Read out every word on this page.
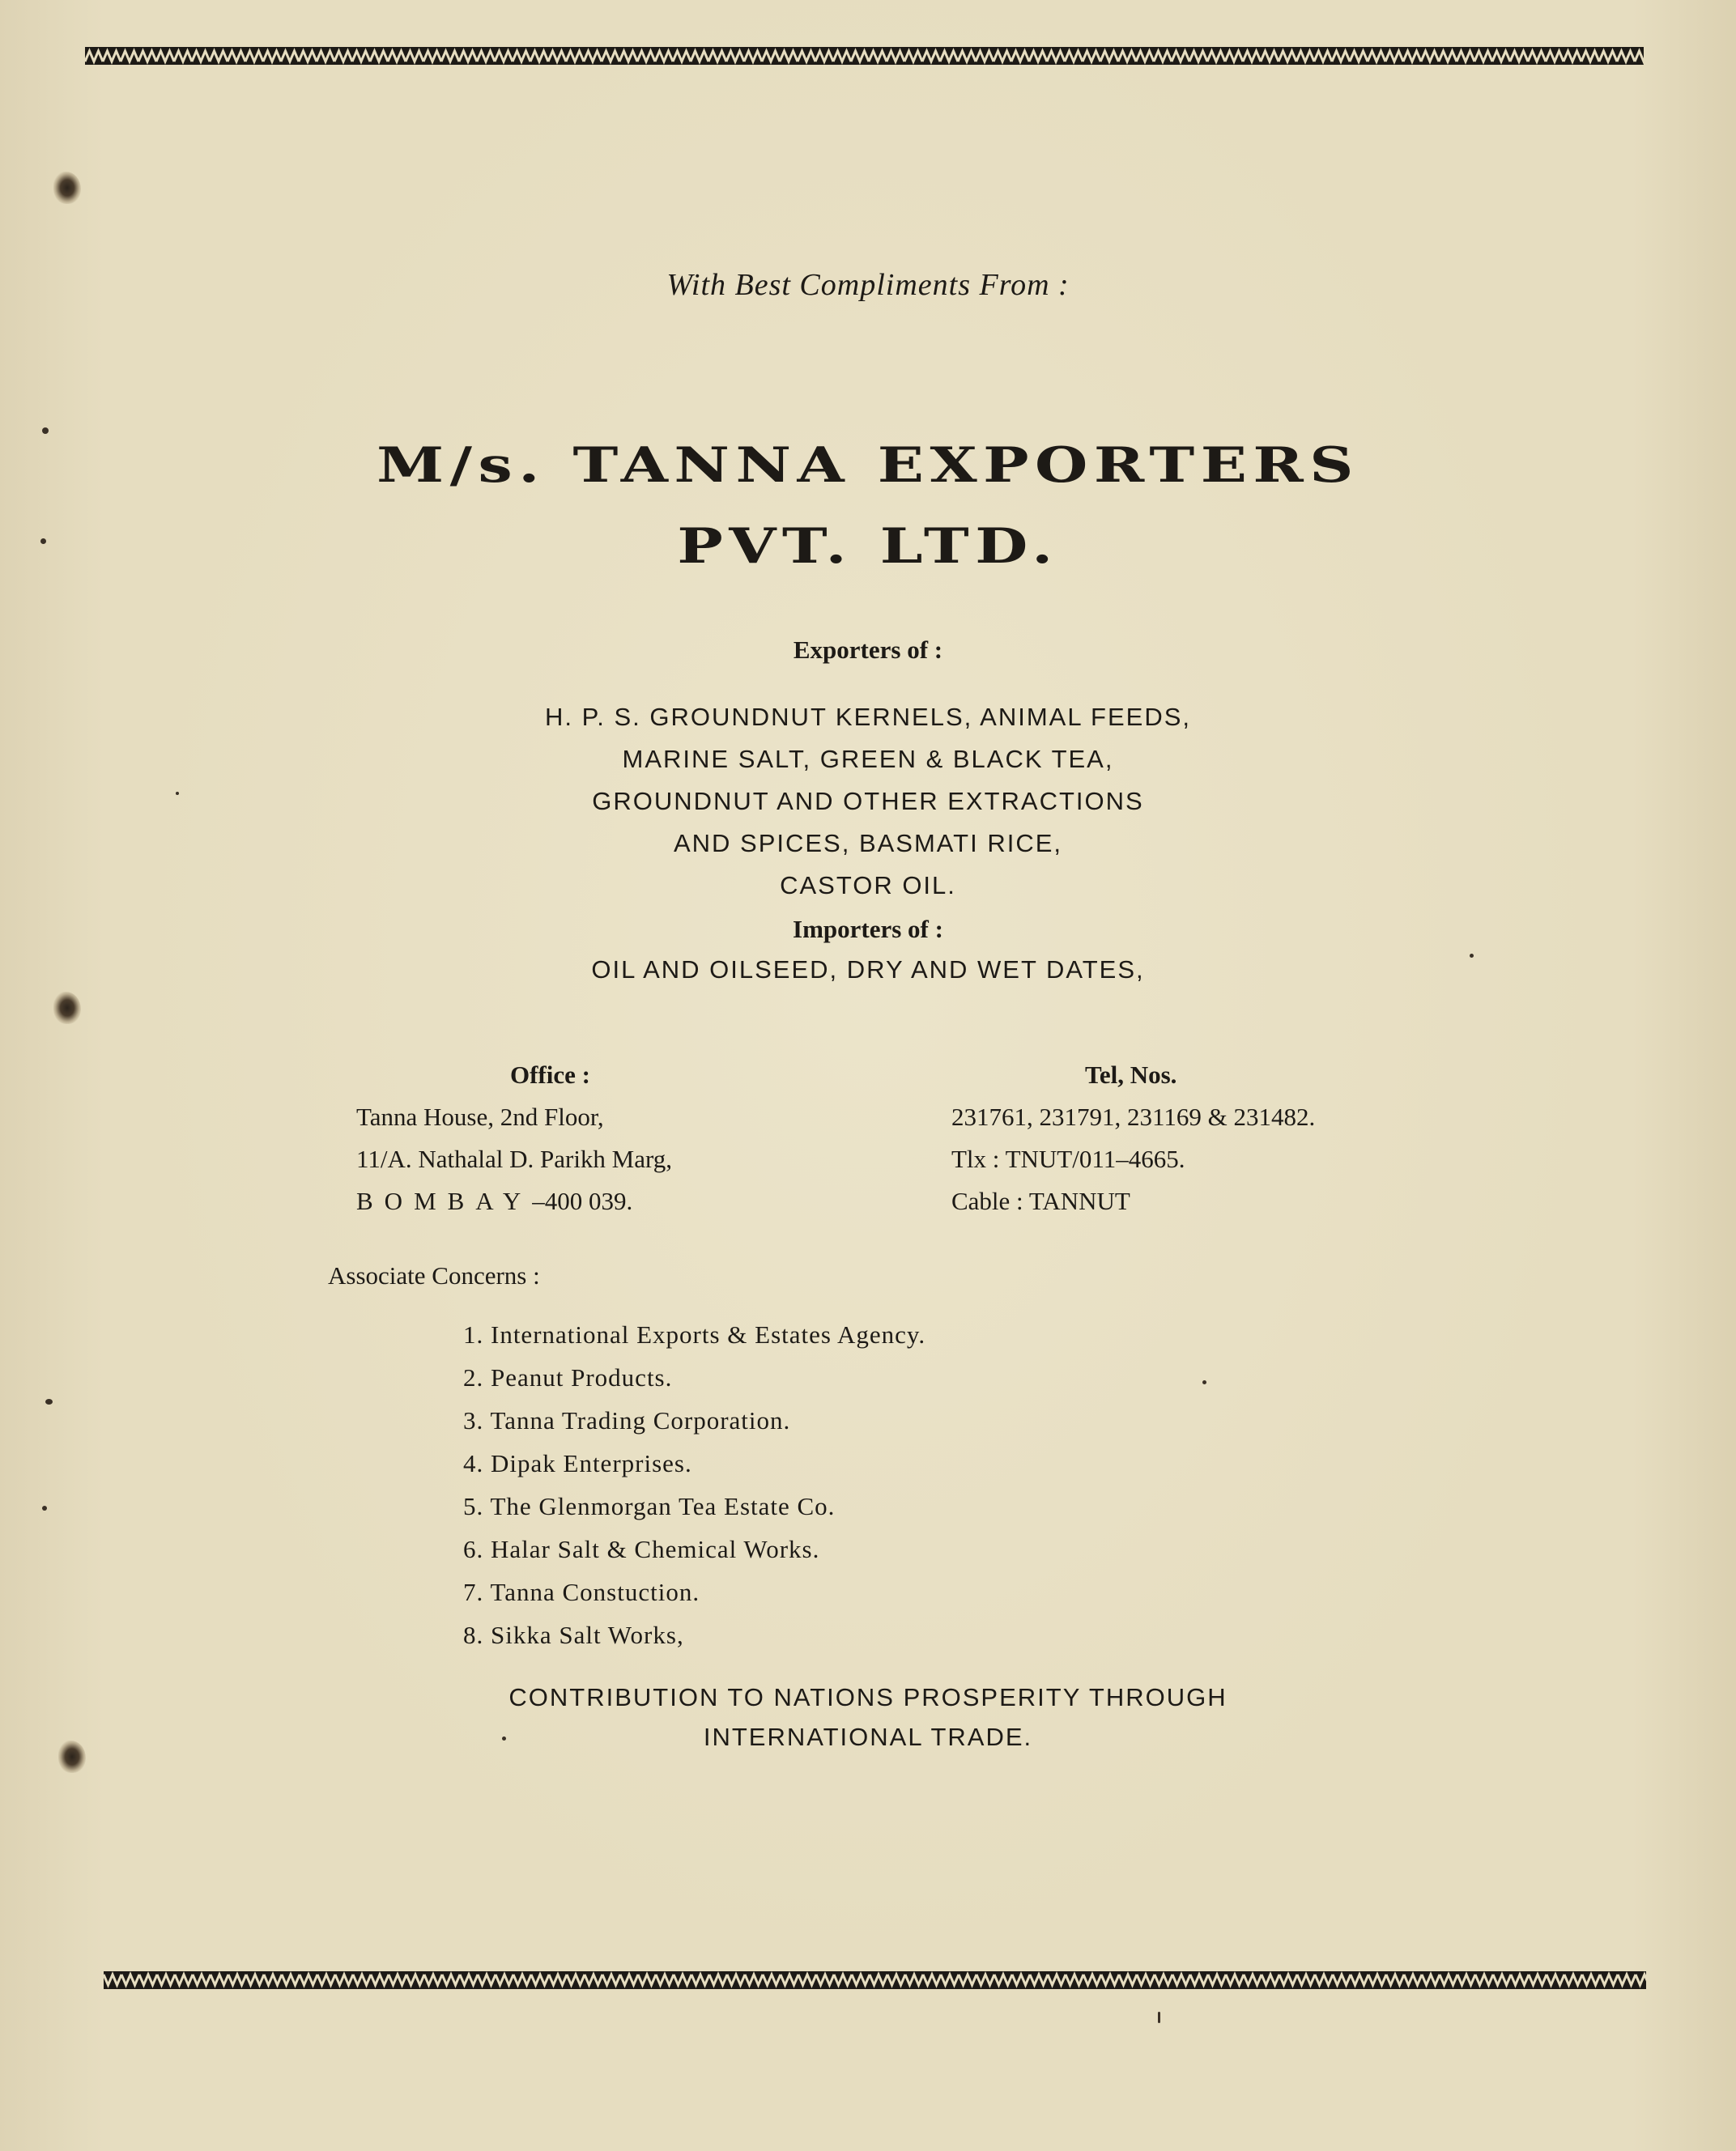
With Best Compliments From :
M/s. TANNA EXPORTERS
PVT. LTD.
Exporters of :
H. P. S. GROUNDNUT KERNELS, ANIMAL FEEDS,
MARINE SALT, GREEN & BLACK TEA,
GROUNDNUT AND OTHER EXTRACTIONS
AND SPICES, BASMATI RICE,
CASTOR OIL.
Importers of :
OIL AND OILSEED, DRY AND WET DATES,
Office :
Tanna House, 2nd Floor,
11/A. Nathalal D. Parikh Marg,
BOMBAY–400 039.
Tel, Nos.
231761, 231791, 231169 & 231482.
Tlx : TNUT/011–4665.
Cable : TANNUT
Associate Concerns :
1. International Exports & Estates Agency.
2. Peanut Products.
3. Tanna Trading Corporation.
4. Dipak Enterprises.
5. The Glenmorgan Tea Estate Co.
6. Halar Salt & Chemical Works.
7. Tanna Constuction.
8. Sikka Salt Works,
CONTRIBUTION TO NATIONS PROSPERITY THROUGH
INTERNATIONAL TRADE.
